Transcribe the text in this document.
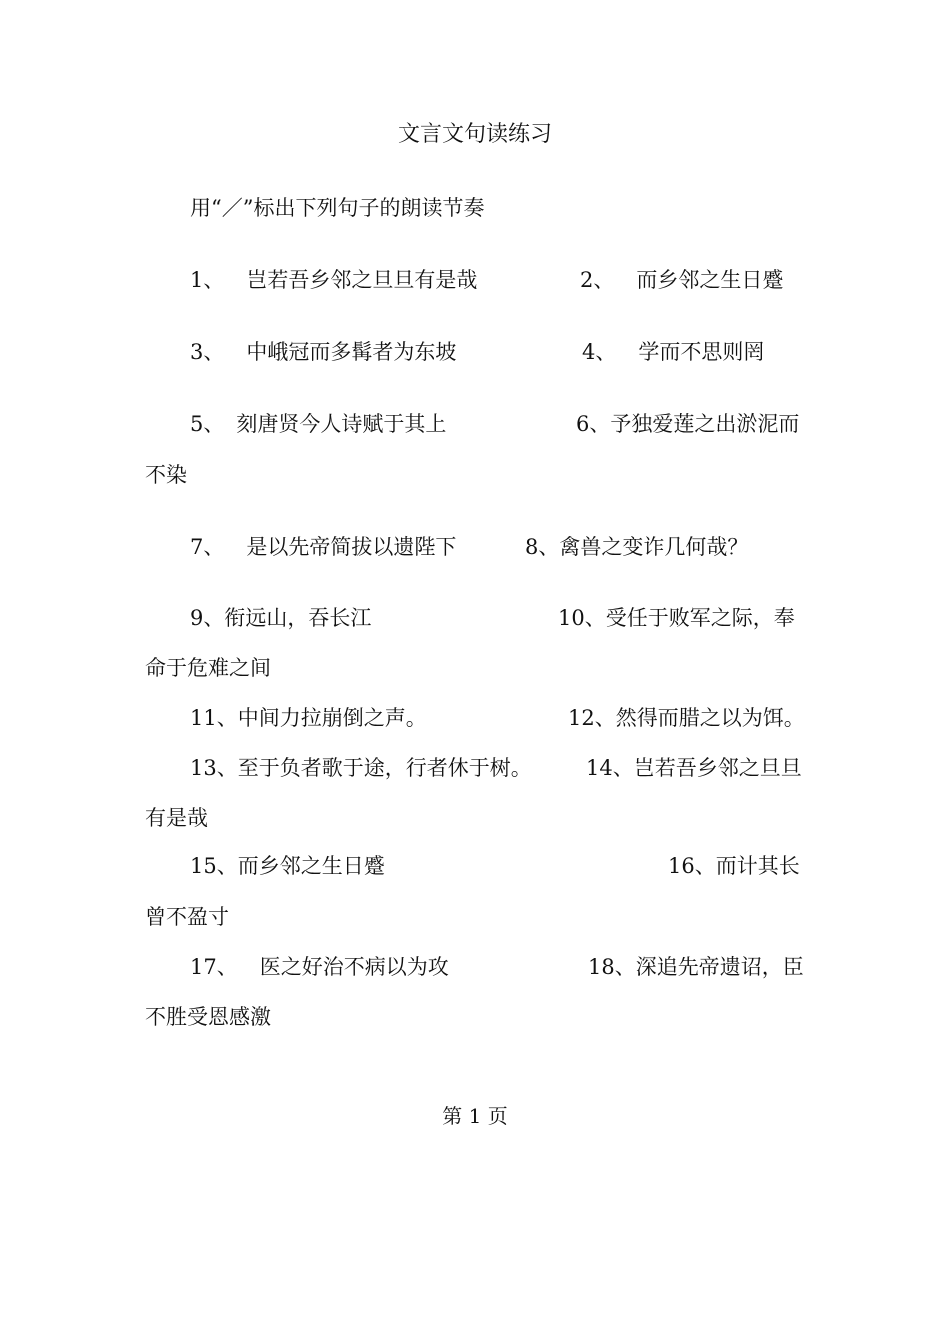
文言文句读练习
用“／”标出下列句子的朗读节奏
1、 岂若吾乡邻之旦旦有是哉	2、 而乡邻之生日蹙
3、 中峨冠而多髯者为东坡	4、 学而不思则罔
5、 刻唐贤今人诗赋于其上	6、予独爱莲之出淤泥而
不染
7、 是以先帝简拔以遗陛下	8、禽兽之变诈几何哉？
9、衔远山，吞长江	10、受任于败军之际，奉
命于危难之间
11、中间力拉崩倒之声。	12、然得而腊之以为饵。
13、至于负者歌于途，行者休于树。	14、岂若吾乡邻之旦旦
有是哉
15、而乡邻之生日蹙	16、而计其长
曾不盈寸
17、 医之好治不病以为攻	18、深追先帝遗诏，臣
不胜受恩感激
第 1 页
